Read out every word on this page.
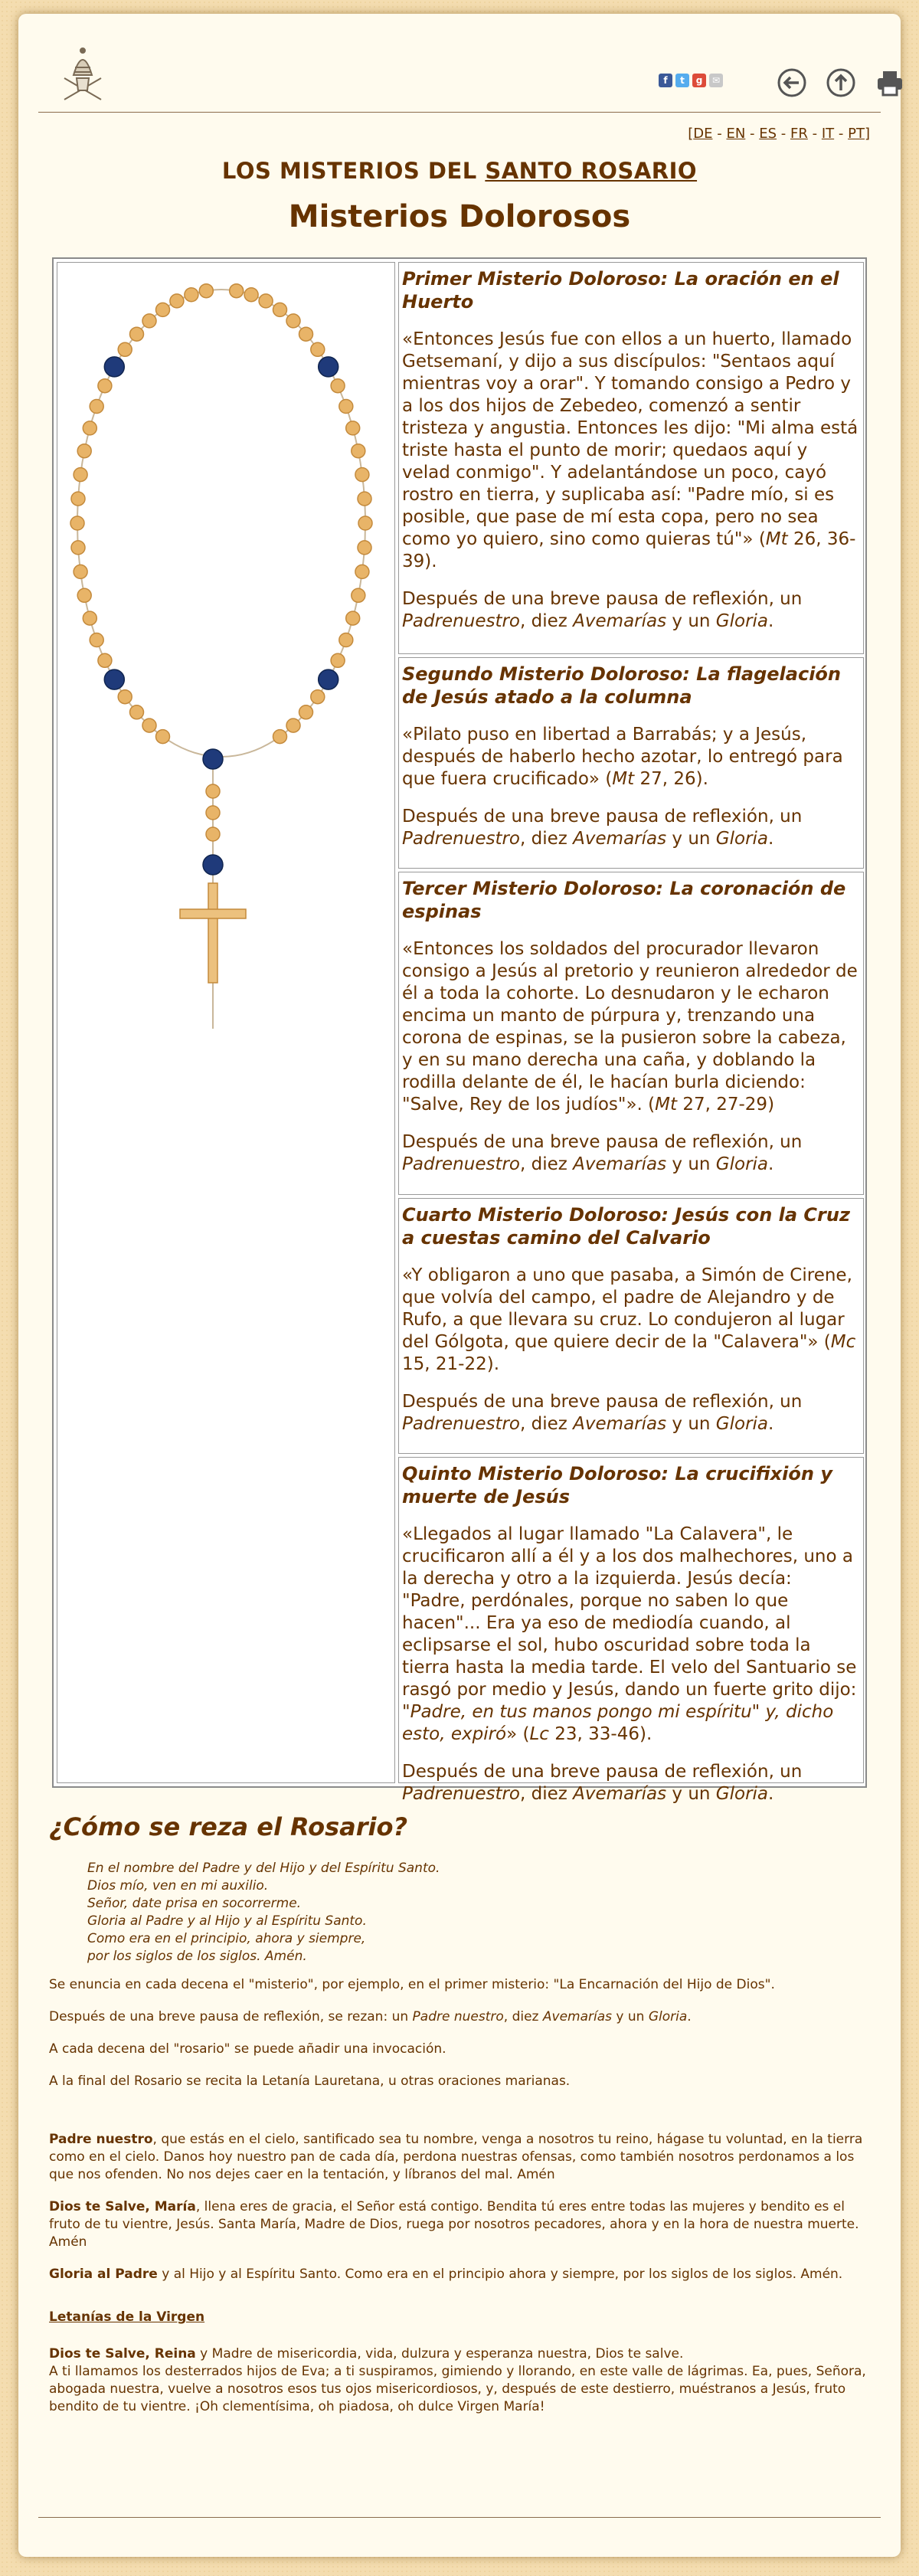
f	t	g	✉
[DE - EN - ES - FR - IT - PT]
LOS MISTERIOS DEL SANTO ROSARIO
Misterios Dolorosos
Primer Misterio Doloroso: La oración en el Huerto

«Entonces Jesús fue con ellos a un huerto, llamado Getsemaní, y dijo a sus discípulos: "Sentaos aquí mientras voy a orar". Y tomando consigo a Pedro y a los dos hijos de Zebedeo, comenzó a sentir tristeza y angustia. Entonces les dijo: "Mi alma está triste hasta el punto de morir; quedaos aquí y velad conmigo". Y adelantándose un poco, cayó rostro en tierra, y suplicaba así: "Padre mío, si es posible, que pase de mí esta copa, pero no sea como yo quiero, sino como quieras tú"» (Mt 26, 36-39).

Después de una breve pausa de reflexión, un Padrenuestro, diez Avemarías y un Gloria.

Segundo Misterio Doloroso: La flagelación de Jesús atado a la columna

«Pilato puso en libertad a Barrabás; y a Jesús, después de haberlo hecho azotar, lo entregó para que fuera crucificado» (Mt 27, 26).

Después de una breve pausa de reflexión, un Padrenuestro, diez Avemarías y un Gloria.

Tercer Misterio Doloroso: La coronación de espinas

«Entonces los soldados del procurador llevaron consigo a Jesús al pretorio y reunieron alrededor de él a toda la cohorte. Lo desnudaron y le echaron encima un manto de púrpura y, trenzando una corona de espinas, se la pusieron sobre la cabeza, y en su mano derecha una caña, y doblando la rodilla delante de él, le hacían burla diciendo: "Salve, Rey de los judíos"». (Mt 27, 27-29)

Después de una breve pausa de reflexión, un Padrenuestro, diez Avemarías y un Gloria.

Cuarto Misterio Doloroso: Jesús con la Cruz a cuestas camino del Calvario

«Y obligaron a uno que pasaba, a Simón de Cirene, que volvía del campo, el padre de Alejandro y de Rufo, a que llevara su cruz. Lo condujeron al lugar del Gólgota, que quiere decir de la "Calavera"» (Mc 15, 21-22).

Después de una breve pausa de reflexión, un Padrenuestro, diez Avemarías y un Gloria.

Quinto Misterio Doloroso: La crucifixión y muerte de Jesús

«Llegados al lugar llamado "La Calavera", le crucificaron allí a él y a los dos malhechores, uno a la derecha y otro a la izquierda. Jesús decía: "Padre, perdónales, porque no saben lo que hacen"... Era ya eso de mediodía cuando, al eclipsarse el sol, hubo oscuridad sobre toda la tierra hasta la media tarde. El velo del Santuario se rasgó por medio y Jesús, dando un fuerte grito dijo: "Padre, en tus manos pongo mi espíritu" y, dicho esto, expiró» (Lc 23, 33-46).

Después de una breve pausa de reflexión, un Padrenuestro, diez Avemarías y un Gloria.

¿Cómo se reza el Rosario?
En el nombre del Padre y del Hijo y del Espíritu Santo.
Dios mío, ven en mi auxilio.
Señor, date prisa en socorrerme.
Gloria al Padre y al Hijo y al Espíritu Santo.
Como era en el principio, ahora y siempre,
por los siglos de los siglos. Amén.
Se enuncia en cada decena el "misterio", por ejemplo, en el primer misterio: "La Encarnación del Hijo de Dios".
Después de una breve pausa de reflexión, se rezan: un Padre nuestro, diez Avemarías y un Gloria.
A cada decena del "rosario" se puede añadir una invocación.
A la final del Rosario se recita la Letanía Lauretana, u otras oraciones marianas.
Padre nuestro, que estás en el cielo, santificado sea tu nombre, venga a nosotros tu reino, hágase tu voluntad, en la tierra como en el cielo. Danos hoy nuestro pan de cada día, perdona nuestras ofensas, como también nosotros perdonamos a los que nos ofenden. No nos dejes caer en la tentación, y líbranos del mal. Amén
Dios te Salve, María, llena eres de gracia, el Señor está contigo. Bendita tú eres entre todas las mujeres y bendito es el fruto de tu vientre, Jesús. Santa María, Madre de Dios, ruega por nosotros pecadores, ahora y en la hora de nuestra muerte. Amén
Gloria al Padre y al Hijo y al Espíritu Santo. Como era en el principio ahora y siempre, por los siglos de los siglos. Amén.
Letanías de la Virgen
Dios te Salve, Reina y Madre de misericordia, vida, dulzura y esperanza nuestra, Dios te salve.
A ti llamamos los desterrados hijos de Eva; a ti suspiramos, gimiendo y llorando, en este valle de lágrimas. Ea, pues, Señora, abogada nuestra, vuelve a nosotros esos tus ojos misericordiosos, y, después de este destierro, muéstranos a Jesús, fruto bendito de tu vientre. ¡Oh clementísima, oh piadosa, oh dulce Virgen María!
